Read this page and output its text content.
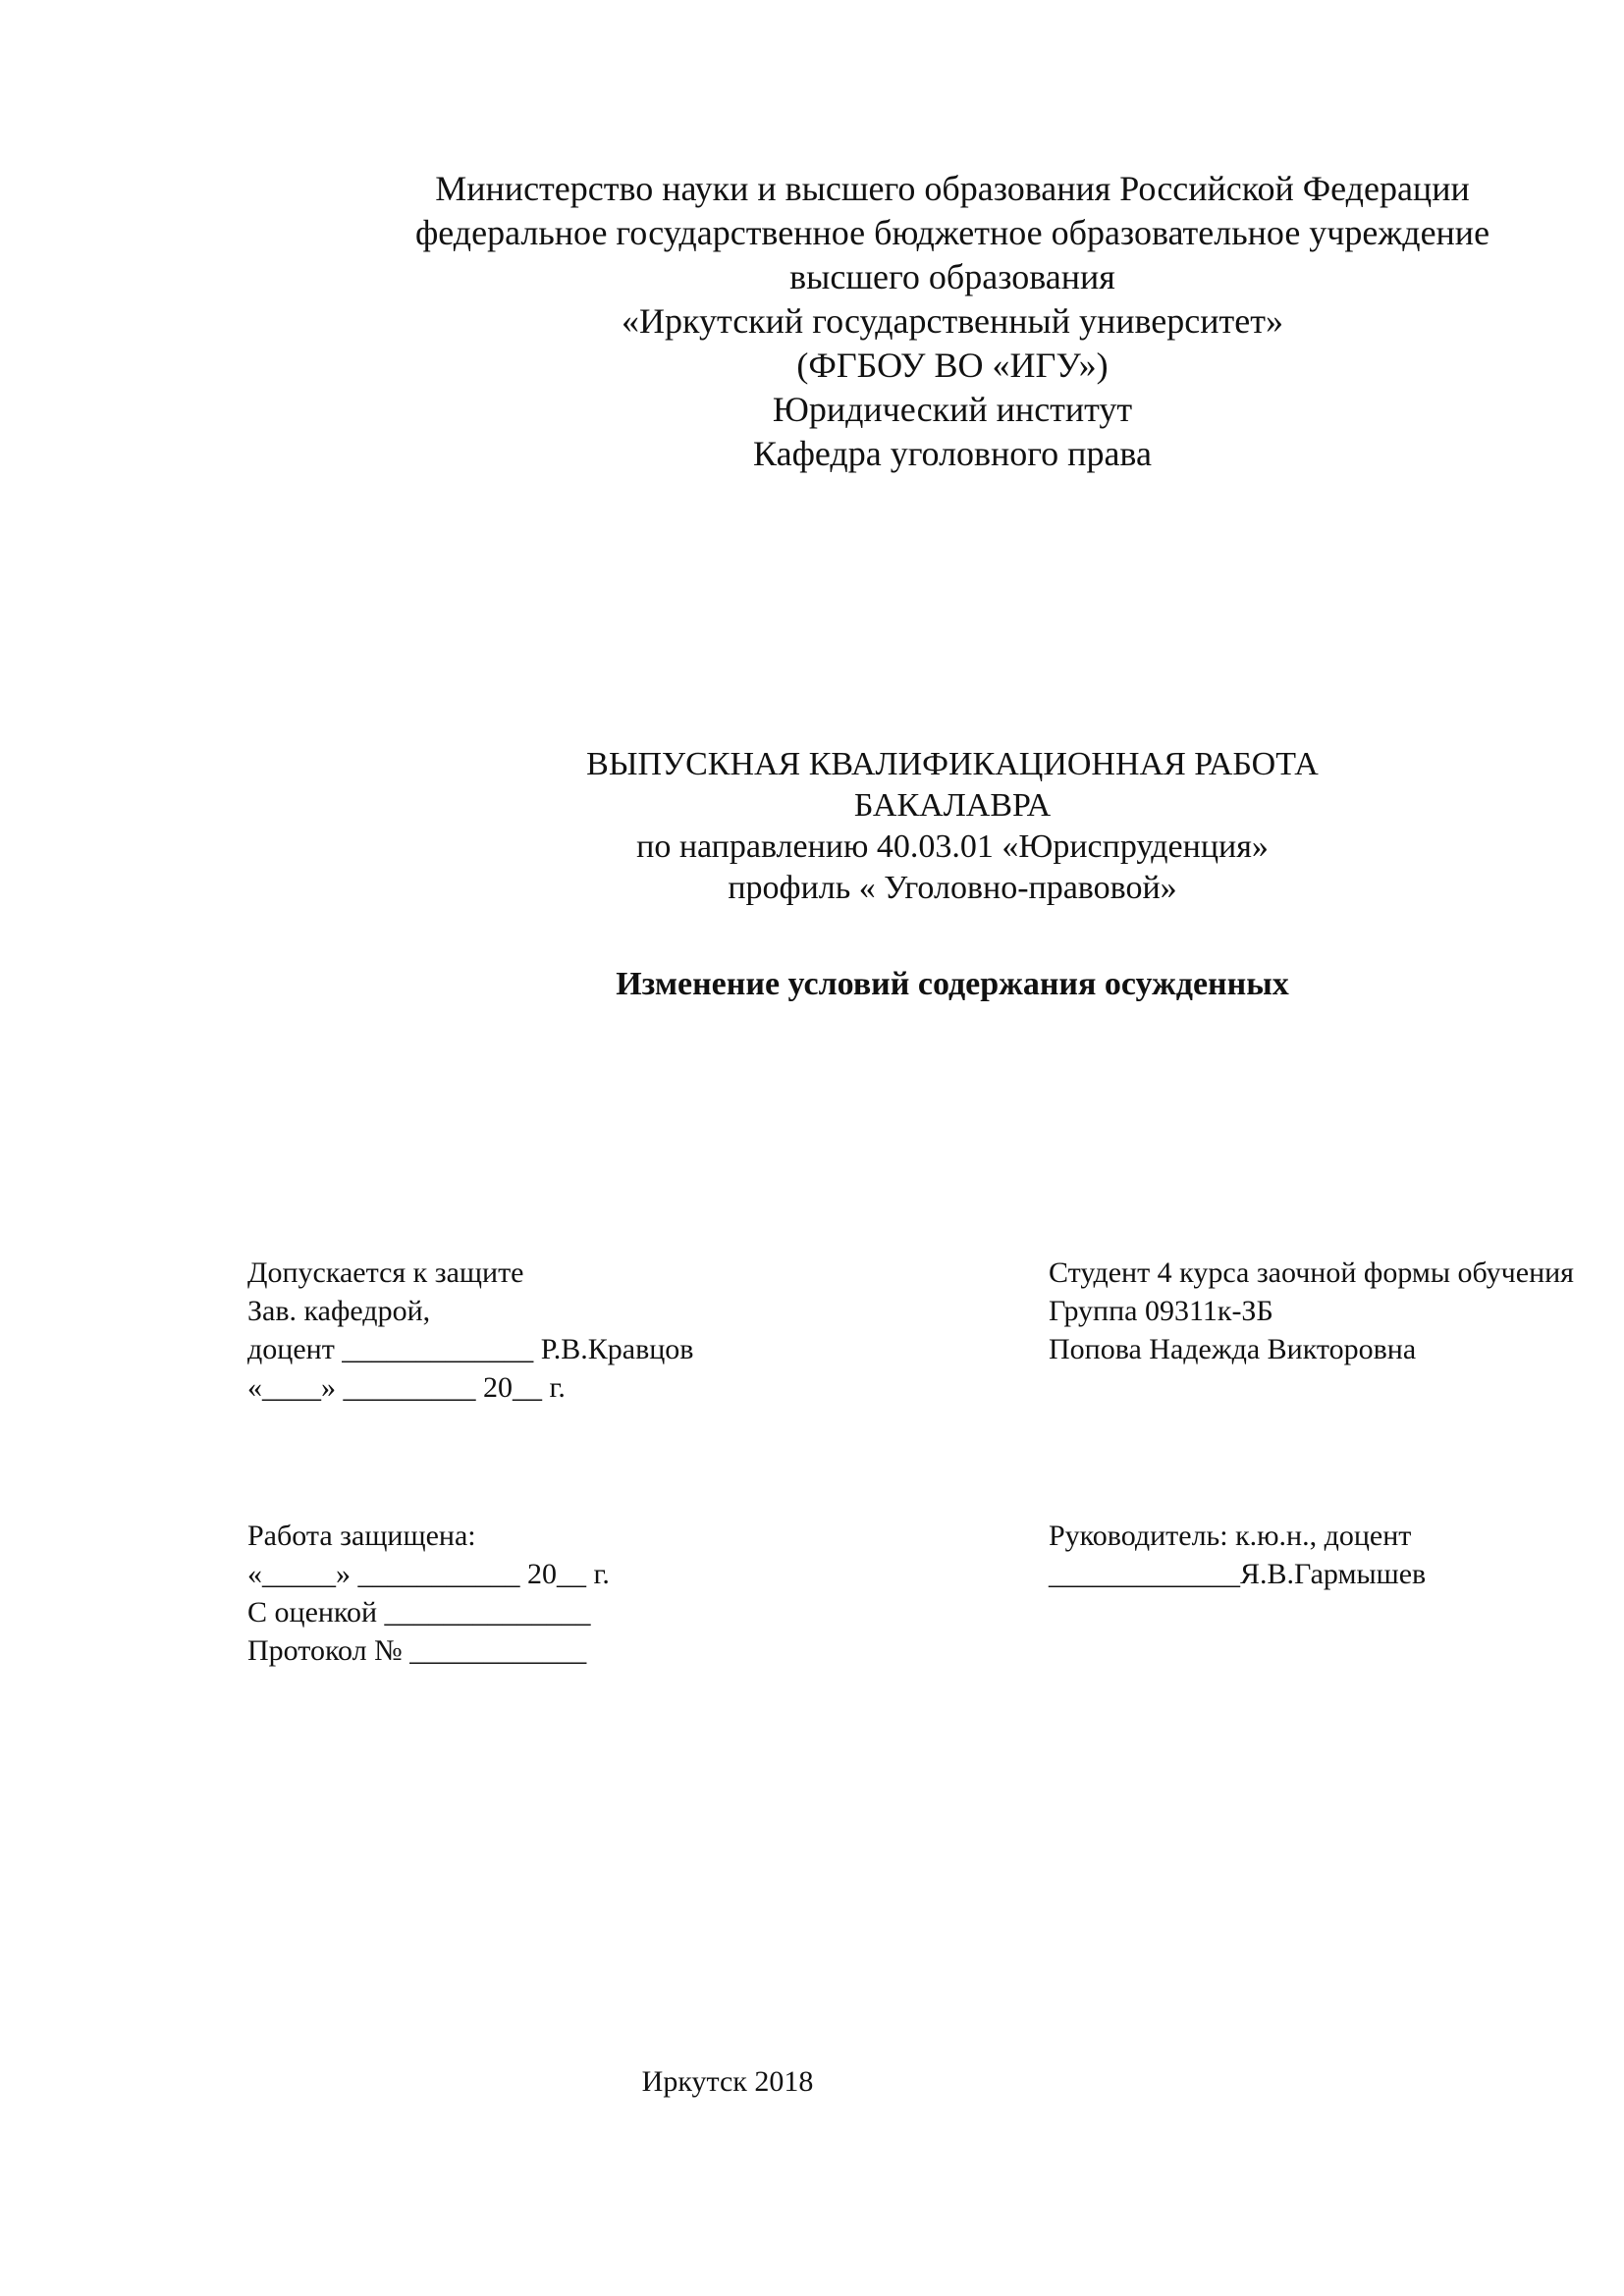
Министерство науки и высшего образования Российской Федерации
федеральное государственное бюджетное образовательное учреждение
высшего образования
«Иркутский государственный университет»
(ФГБОУ ВО «ИГУ»)
Юридический институт
Кафедра уголовного права
ВЫПУСКНАЯ КВАЛИФИКАЦИОННАЯ РАБОТА
БАКАЛАВРА
по направлению 40.03.01 «Юриспруденция»
профиль « Уголовно-правовой»
Изменение условий содержания осужденных
Допускается к защите
Зав. кафедрой,
доцент _____________ Р.В.Кравцов
«____» _________ 20__ г.
Студент 4 курса заочной формы обучения
Группа 09311к-ЗБ
Попова Надежда Викторовна
Работа защищена:
«_____» ___________ 20__ г.
С оценкой ______________
Протокол № ____________
Руководитель: к.ю.н., доцент
_____________Я.В.Гармышев
Иркутск 2018
